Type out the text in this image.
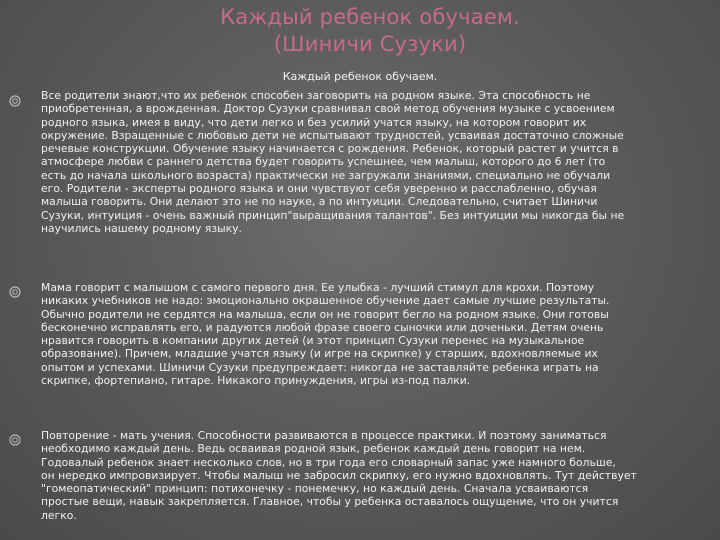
Каждый ребенок обучаем.
(Шиничи Сузуки)
Каждый ребенок обучаем.
Все родители знают,что их ребенок способен заговорить на родном языке. Эта способность не
приобретенная, а врожденная. Доктор Сузуки сравнивал свой метод обучения музыке с усвоением
родного языка, имея в виду, что дети легко и без усилий учатся языку, на котором говорит их
окружение. Взращенные с любовью дети не испытывают трудностей, усваивая достаточно сложные
речевые конструкции. Обучение языку начинается с рождения. Ребенок, который растет и учится в
атмосфере любви с раннего детства будет говорить успешнее, чем малыш, которого до 6 лет (то
есть до начала школьного возраста) практически не загружали знаниями, специально не обучали
его. Родители - эксперты родного языка и они чувствуют себя уверенно и расслабленно, обучая
малыша говорить. Они делают это не по науке, а по интуиции. Следовательно, считает Шиничи
Сузуки, интуиция - очень важный принцип"выращивания талантов". Без интуиции мы никогда бы не
научились нашему родному языку.
Мама говорит с малышом с самого первого дня. Ее улыбка - лучший стимул для крохи. Поэтому
никаких учебников не надо: эмоционально окрашенное обучение дает самые лучшие результаты.
Обычно родители не сердятся на малыша, если он не говорит бегло на родном языке. Они готовы
бесконечно исправлять его, и радуются любой фразе своего сыночки или доченьки. Детям очень
нравится говорить в компании других детей (и этот принцип Сузуки перенес на музыкальное
образование). Причем, младшие учатся языку (и игре на скрипке) у старших, вдохновляемые их
опытом и успехами. Шиничи Сузуки предупреждает: никогда не заставляйте ребенка играть на
скрипке, фортепиано, гитаре. Никакого принуждения, игры из-под палки.
Повторение - мать учения. Способности развиваются в процессе практики. И поэтому заниматься
необходимо каждый день. Ведь осваивая родной язык, ребенок каждый день говорит на нем.
Годовалый ребенок знает несколько слов, но в три года его словарный запас уже намного больше,
он нередко импровизирует. Чтобы малыш не забросил скрипку, его нужно вдохновлять. Тут действует
"гомеопатический" принцип: потихонечку - понемечку, но каждый день. Сначала усваиваются
простые вещи, навык закрепляется. Главное, чтобы у ребенка оставалось ощущение, что он учится
легко.
